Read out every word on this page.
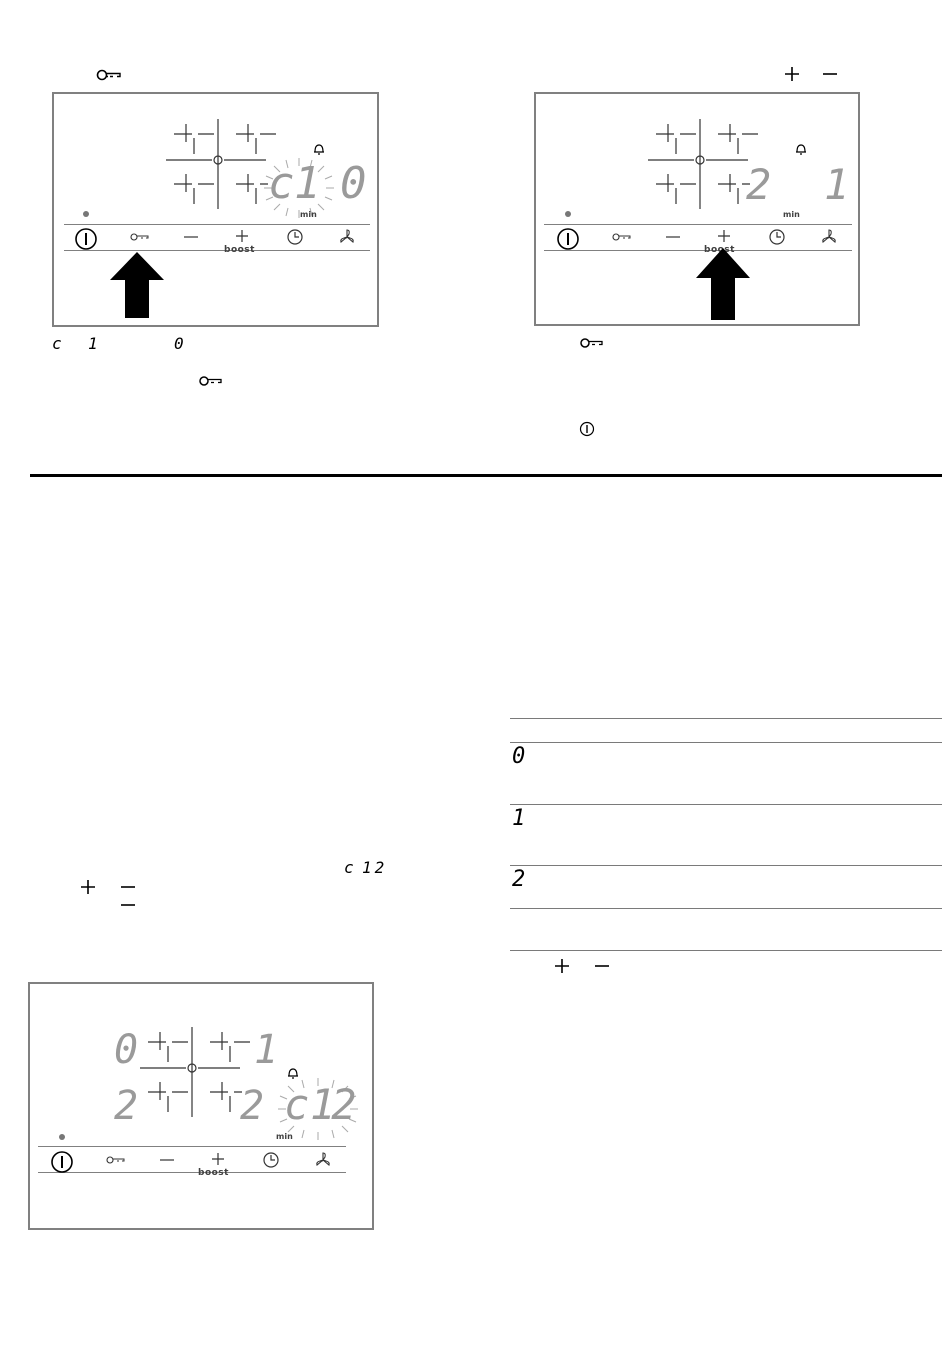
c 1 0
min
boost
c 1	0
2 1
min
boost
c 12
0	1
2	2 c 12
min
boost
0
1
2
